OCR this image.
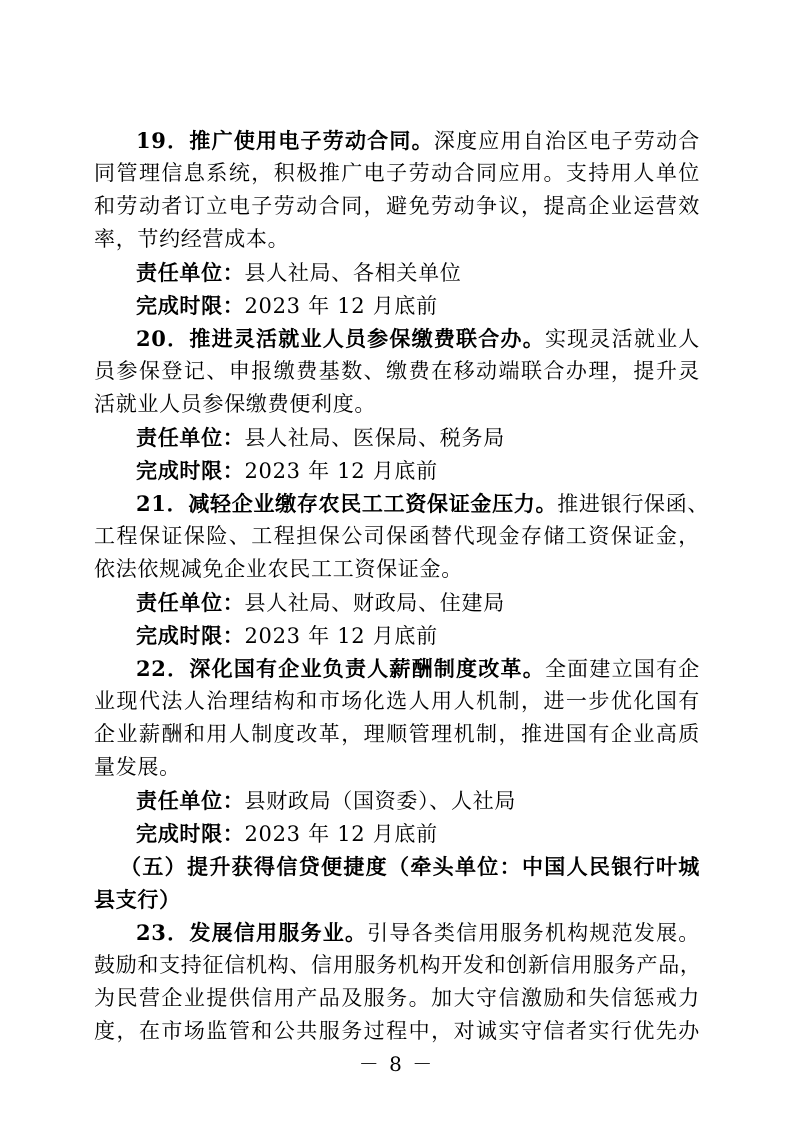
19．推广使用电子劳动合同。深度应用自治区电子劳动合
同管理信息系统，积极推广电子劳动合同应用。支持用人单位
和劳动者订立电子劳动合同，避免劳动争议，提高企业运营效
率，节约经营成本。
责任单位：县人社局、各相关单位
完成时限：2023 年 12 月底前
20．推进灵活就业人员参保缴费联合办。实现灵活就业人
员参保登记、申报缴费基数、缴费在移动端联合办理，提升灵
活就业人员参保缴费便利度。
责任单位：县人社局、医保局、税务局
完成时限：2023 年 12 月底前
21．减轻企业缴存农民工工资保证金压力。推进银行保函、
工程保证保险、工程担保公司保函替代现金存储工资保证金，
依法依规减免企业农民工工资保证金。
责任单位：县人社局、财政局、住建局
完成时限：2023 年 12 月底前
22．深化国有企业负责人薪酬制度改革。全面建立国有企
业现代法人治理结构和市场化选人用人机制，进一步优化国有
企业薪酬和用人制度改革，理顺管理机制，推进国有企业高质
量发展。
责任单位：县财政局（国资委）、人社局
完成时限：2023 年 12 月底前
（五）提升获得信贷便捷度（牵头单位：中国人民银行叶城
县支行）
23．发展信用服务业。引导各类信用服务机构规范发展。
鼓励和支持征信机构、信用服务机构开发和创新信用服务产品，
为民营企业提供信用产品及服务。加大守信激励和失信惩戒力
度，在市场监管和公共服务过程中，对诚实守信者实行优先办
－ 8 －
